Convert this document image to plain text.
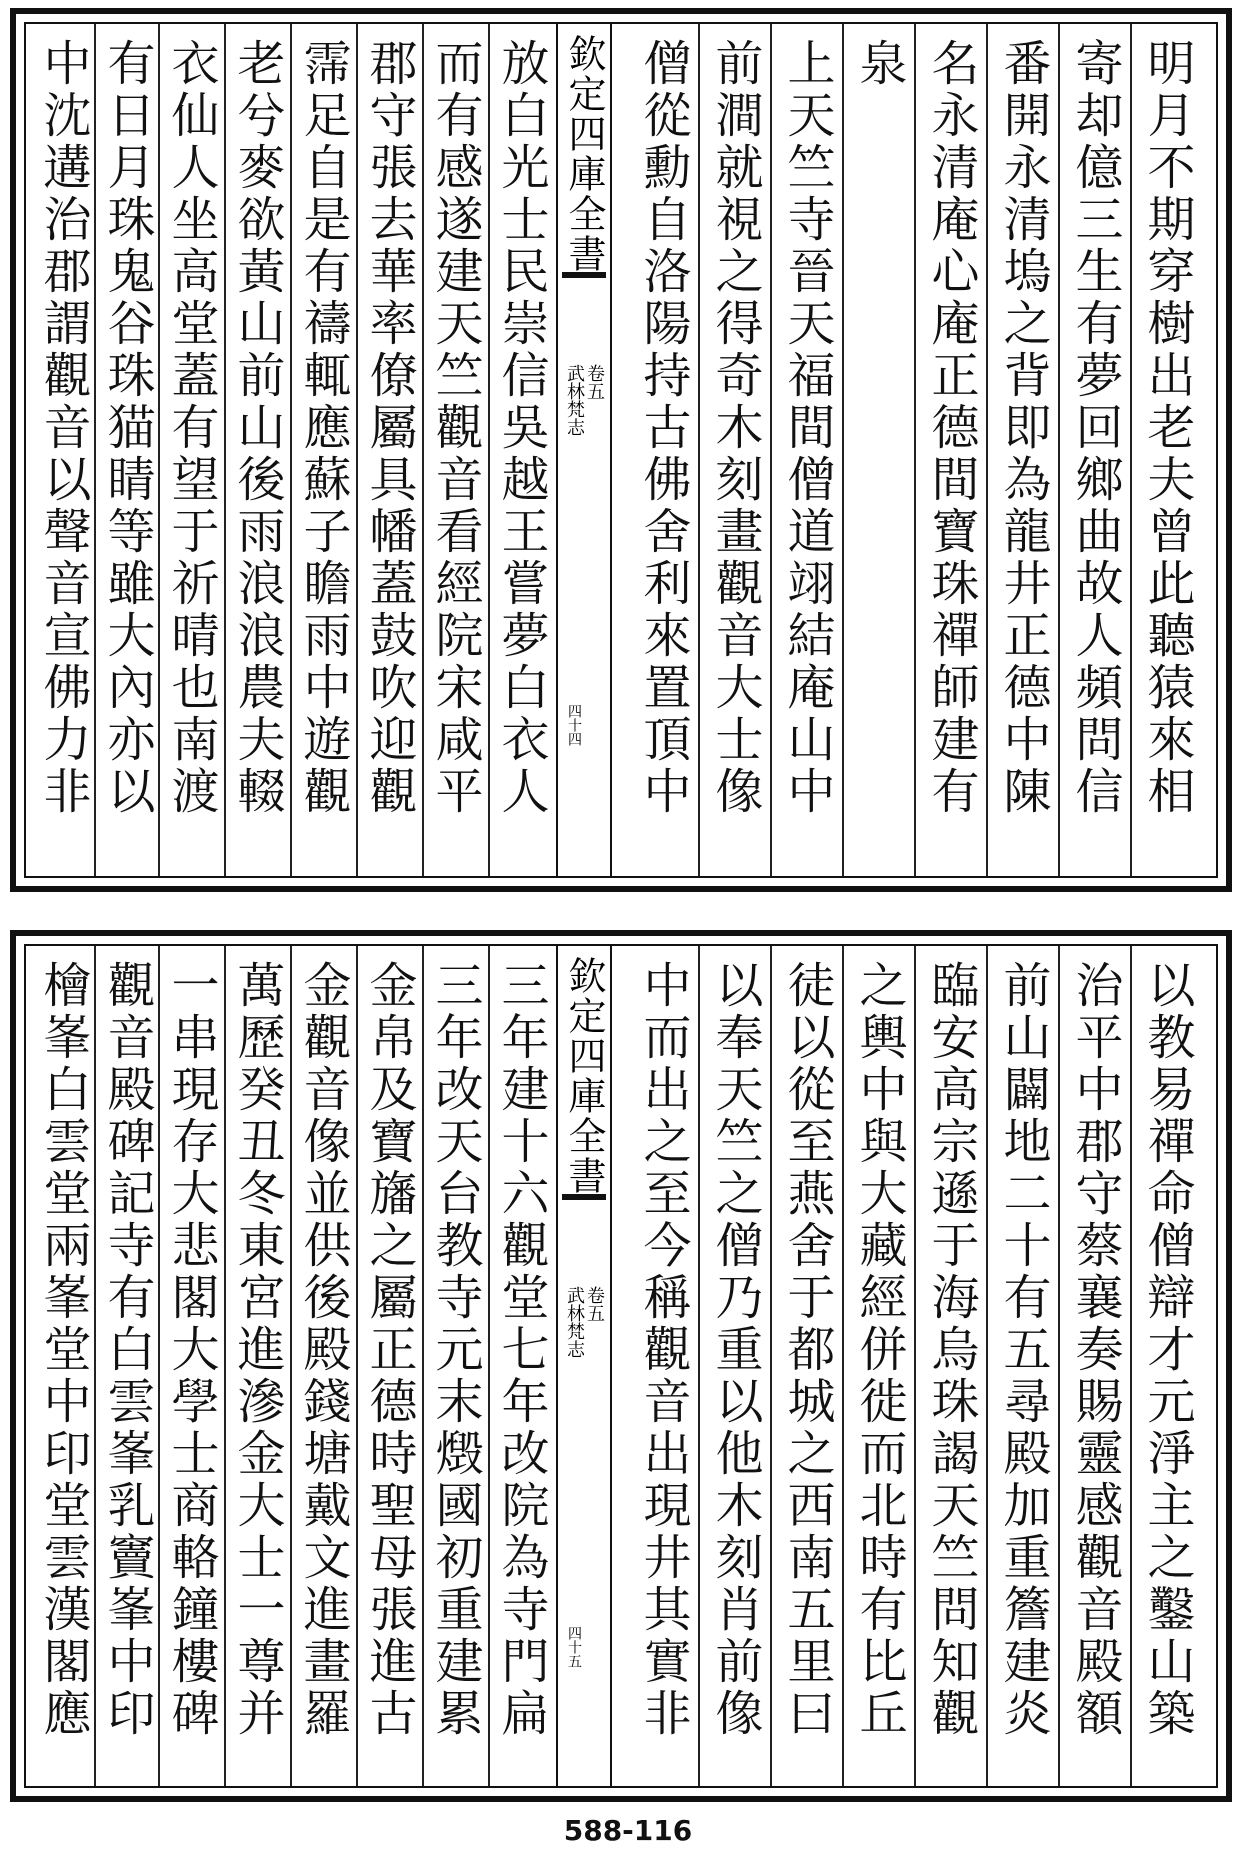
明月不期穿樹出老夫曾此聽猿來相
寄却億三生有夢回鄉曲故人頻問信
番開永清塢之背即為龍井正德中陳
名永清庵心庵正德間寶珠禪師建有
泉
上天竺寺晉天福間僧道翊結庵山中
前澗就視之得奇木刻畫觀音大士像
僧從勳自洛陽持古佛舍利來置頂中
欽定四庫全書
武林梵志 卷五
四十四
放白光士民崇信吳越王嘗夢白衣人
而有感遂建天竺觀音看經院宋咸平
郡守張去華率僚屬具幡蓋鼓吹迎觀
霈足自是有禱輒應蘇子瞻雨中遊觀
老兮麥欲黃山前山後雨浪浪農夫輟
衣仙人坐高堂蓋有望于祈晴也南渡
有日月珠鬼谷珠猫睛等雖大內亦以
中沈遘治郡謂觀音以聲音宣佛力非
以教易禪命僧辯才元淨主之鑿山築
治平中郡守蔡襄奏賜靈感觀音殿額
前山闢地二十有五尋殿加重簷建炎
臨安高宗遜于海烏珠謁天竺問知觀
之輿中與大藏經併徙而北時有比丘
徒以從至燕舍于都城之西南五里曰
以奉天竺之僧乃重以他木刻肖前像
中而出之至今稱觀音出現井其實非
欽定四庫全書
武林梵志 卷五
四十五
三年建十六觀堂七年改院為寺門扁
三年改天台教寺元末燬國初重建累
金帛及寶旛之屬正德時聖母張進古
金觀音像並供後殿錢塘戴文進畫羅
萬歷癸丑冬東宮進滲金大士一尊并
一串現存大悲閣大學士商輅鐘樓碑
觀音殿碑記寺有白雲峯乳竇峯中印
檜峯白雲堂兩峯堂中印堂雲漢閣應
588-116
